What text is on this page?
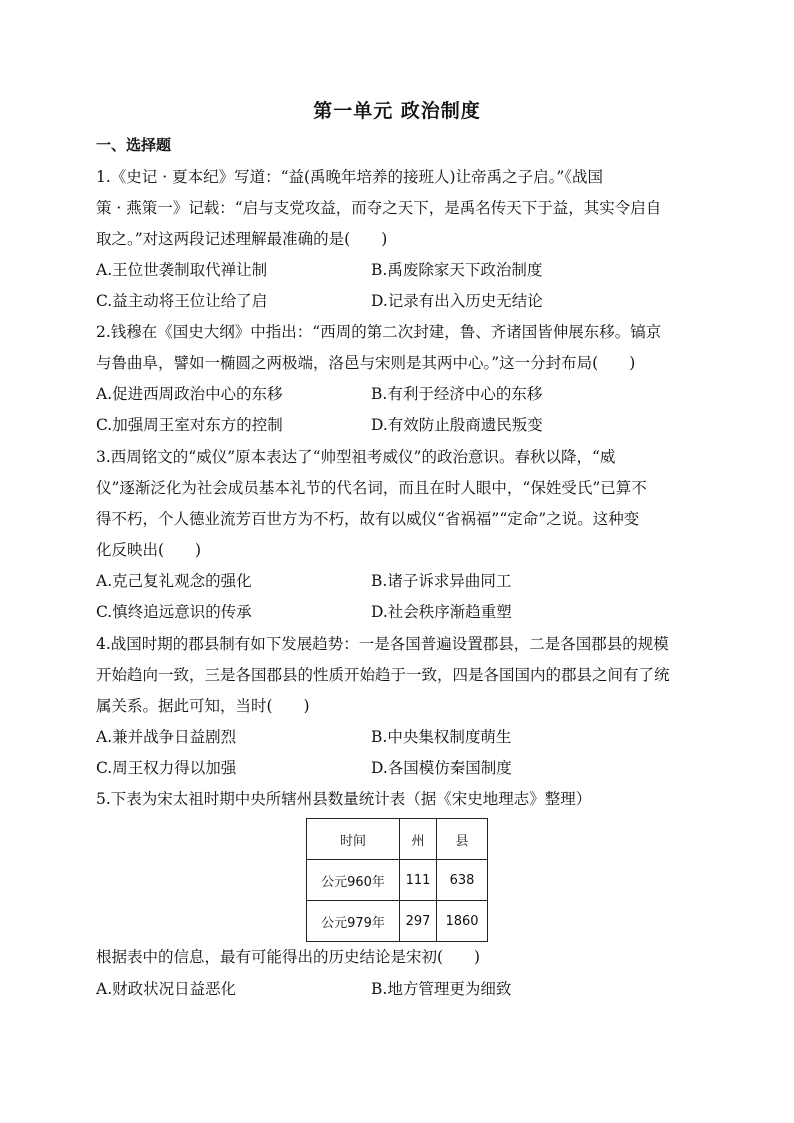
第一单元 政治制度
一、选择题
1.《史记 · 夏本纪》写道：“益(禹晚年培养的接班人)让帝禹之子启。”《战国
策 · 燕策一》记载：“启与支党攻益，而夺之天下，是禹名传天下于益，其实令启自
取之。”对这两段记述理解最准确的是(　　)
A.王位世袭制取代禅让制	B.禹废除家天下政治制度
C.益主动将王位让给了启	D.记录有出入历史无结论
2.钱穆在《国史大纲》中指出：“西周的第二次封建，鲁、齐诸国皆伸展东移。镐京
与鲁曲阜，譬如一椭圆之两极端，洛邑与宋则是其两中心。”这一分封布局(　　)
A.促进西周政治中心的东移	B.有利于经济中心的东移
C.加强周王室对东方的控制	D.有效防止殷商遗民叛变
3.西周铭文的“威仪”原本表达了“帅型祖考威仪”的政治意识。春秋以降，“威
仪”逐渐泛化为社会成员基本礼节的代名词，而且在时人眼中，“保姓受氏”已算不
得不朽，个人德业流芳百世方为不朽，故有以威仪“省祸福”“定命”之说。这种变
化反映出(　　)
A.克己复礼观念的强化	B.诸子诉求异曲同工
C.慎终追远意识的传承	D.社会秩序渐趋重塑
4.战国时期的郡县制有如下发展趋势：一是各国普遍设置郡县，二是各国郡县的规模
开始趋向一致，三是各国郡县的性质开始趋于一致，四是各国国内的郡县之间有了统
属关系。据此可知，当时(　　)
A.兼并战争日益剧烈	B.中央集权制度萌生
C.周王权力得以加强	D.各国模仿秦国制度
5.下表为宋太祖时期中央所辖州县数量统计表（据《宋史地理志》整理）
时间	州	县
公元960年	111	638
公元979年	297	1860
根据表中的信息，最有可能得出的历史结论是宋初(　　)
A.财政状况日益恶化	B.地方管理更为细致
